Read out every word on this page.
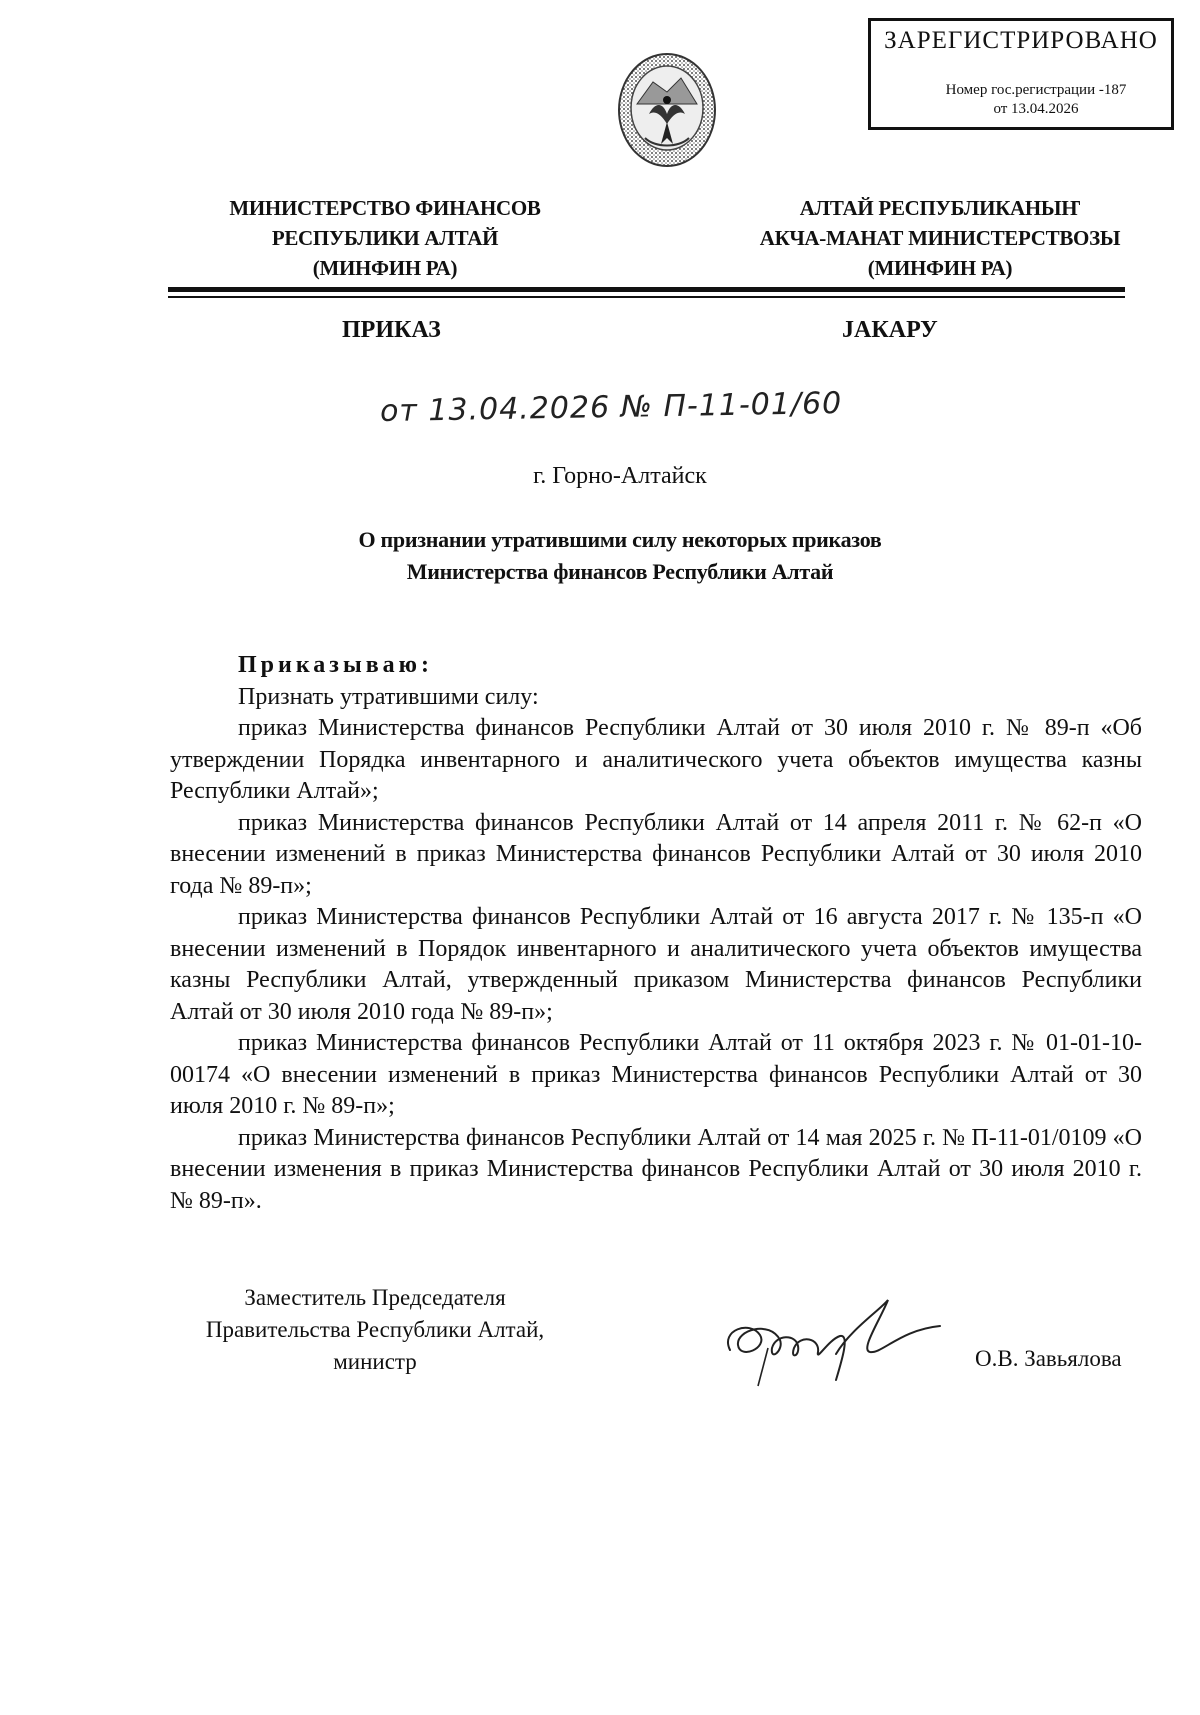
ЗАРЕГИСТРИРОВАНО
Номер гос.регистрации -187
от 13.04.2026
МИНИСТЕРСТВО ФИНАНСОВ
РЕСПУБЛИКИ АЛТАЙ
(МИНФИН РА)
АЛТАЙ РЕСПУБЛИКАНЫҤ
АКЧА-МАНАТ МИНИСТЕРСТВОЗЫ
(МИНФИН РА)
ПРИКАЗ	ЈАКАРУ
от 13.04.2026 № П-11-01/60
г. Горно-Алтайск
О признании утратившими силу некоторых приказов
Министерства финансов Республики Алтай
Приказываю:
Признать утратившими силу:

приказ Министерства финансов Республики Алтай от 30 июля 2010 г. № 89-п «Об утверждении Порядка инвентарного и аналитического учета объектов имущества казны Республики Алтай»;

приказ Министерства финансов Республики Алтай от 14 апреля 2011 г. № 62-п «О внесении изменений в приказ Министерства финансов Республики Алтай от 30 июля 2010 года № 89-п»;

приказ Министерства финансов Республики Алтай от 16 августа 2017 г. № 135-п «О внесении изменений в Порядок инвентарного и аналитического учета объектов имущества казны Республики Алтай, утвержденный приказом Министерства финансов Республики Алтай от 30 июля 2010 года № 89-п»;

приказ Министерства финансов Республики Алтай от 11 октября 2023 г. № 01-01-10-00174 «О внесении изменений в приказ Министерства финансов Республики Алтай от 30 июля 2010 г. № 89-п»;

приказ Министерства финансов Республики Алтай от 14 мая 2025 г. № П-11-01/0109 «О внесении изменения в приказ Министерства финансов Республики Алтай от 30 июля 2010 г. № 89-п».

Заместитель Председателя
Правительства Республики Алтай,
министр	О.В. Завьялова
